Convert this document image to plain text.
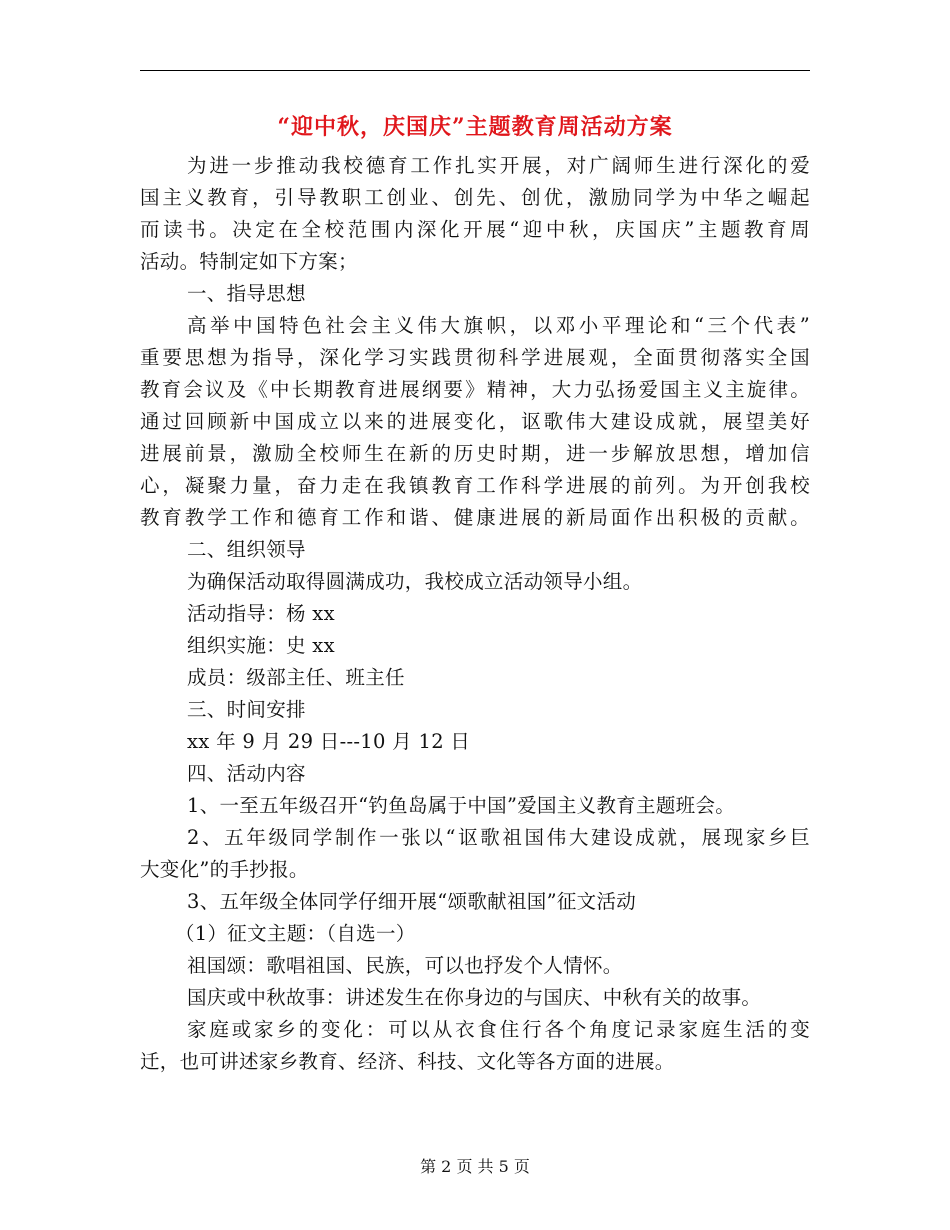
“迎中秋，庆国庆”主题教育周活动方案

为进一步推动我校德育工作扎实开展，对广阔师生进行深化的爱
国主义教育，引导教职工创业、创先、创优，激励同学为中华之崛起
而读书。决定在全校范围内深化开展“迎中秋，庆国庆”主题教育周
活动。特制定如下方案；

一、指导思想

高举中国特色社会主义伟大旗帜，以邓小平理论和“三个代表”
重要思想为指导，深化学习实践贯彻科学进展观，全面贯彻落实全国
教育会议及《中长期教育进展纲要》精神，大力弘扬爱国主义主旋律。
通过回顾新中国成立以来的进展变化，讴歌伟大建设成就，展望美好
进展前景，激励全校师生在新的历史时期，进一步解放思想，增加信
心，凝聚力量，奋力走在我镇教育工作科学进展的前列。为开创我校
教育教学工作和德育工作和谐、健康进展的新局面作出积极的贡献。

二、组织领导

为确保活动取得圆满成功，我校成立活动领导小组。

活动指导：杨 xx

组织实施：史 xx

成员：级部主任、班主任

三、时间安排

xx 年 9 月 29 日---10 月 12 日

四、活动内容

1、一至五年级召开“钓鱼岛属于中国”爱国主义教育主题班会。

2、五年级同学制作一张以“讴歌祖国伟大建设成就，展现家乡巨
大变化”的手抄报。

3、五年级全体同学仔细开展“颂歌献祖国”征文活动

（1）征文主题：（自选一）

祖国颂：歌唱祖国、民族，可以也抒发个人情怀。

国庆或中秋故事：讲述发生在你身边的与国庆、中秋有关的故事。

家庭或家乡的变化：可以从衣食住行各个角度记录家庭生活的变
迁，也可讲述家乡教育、经济、科技、文化等各方面的进展。

第 2 页 共 5 页
